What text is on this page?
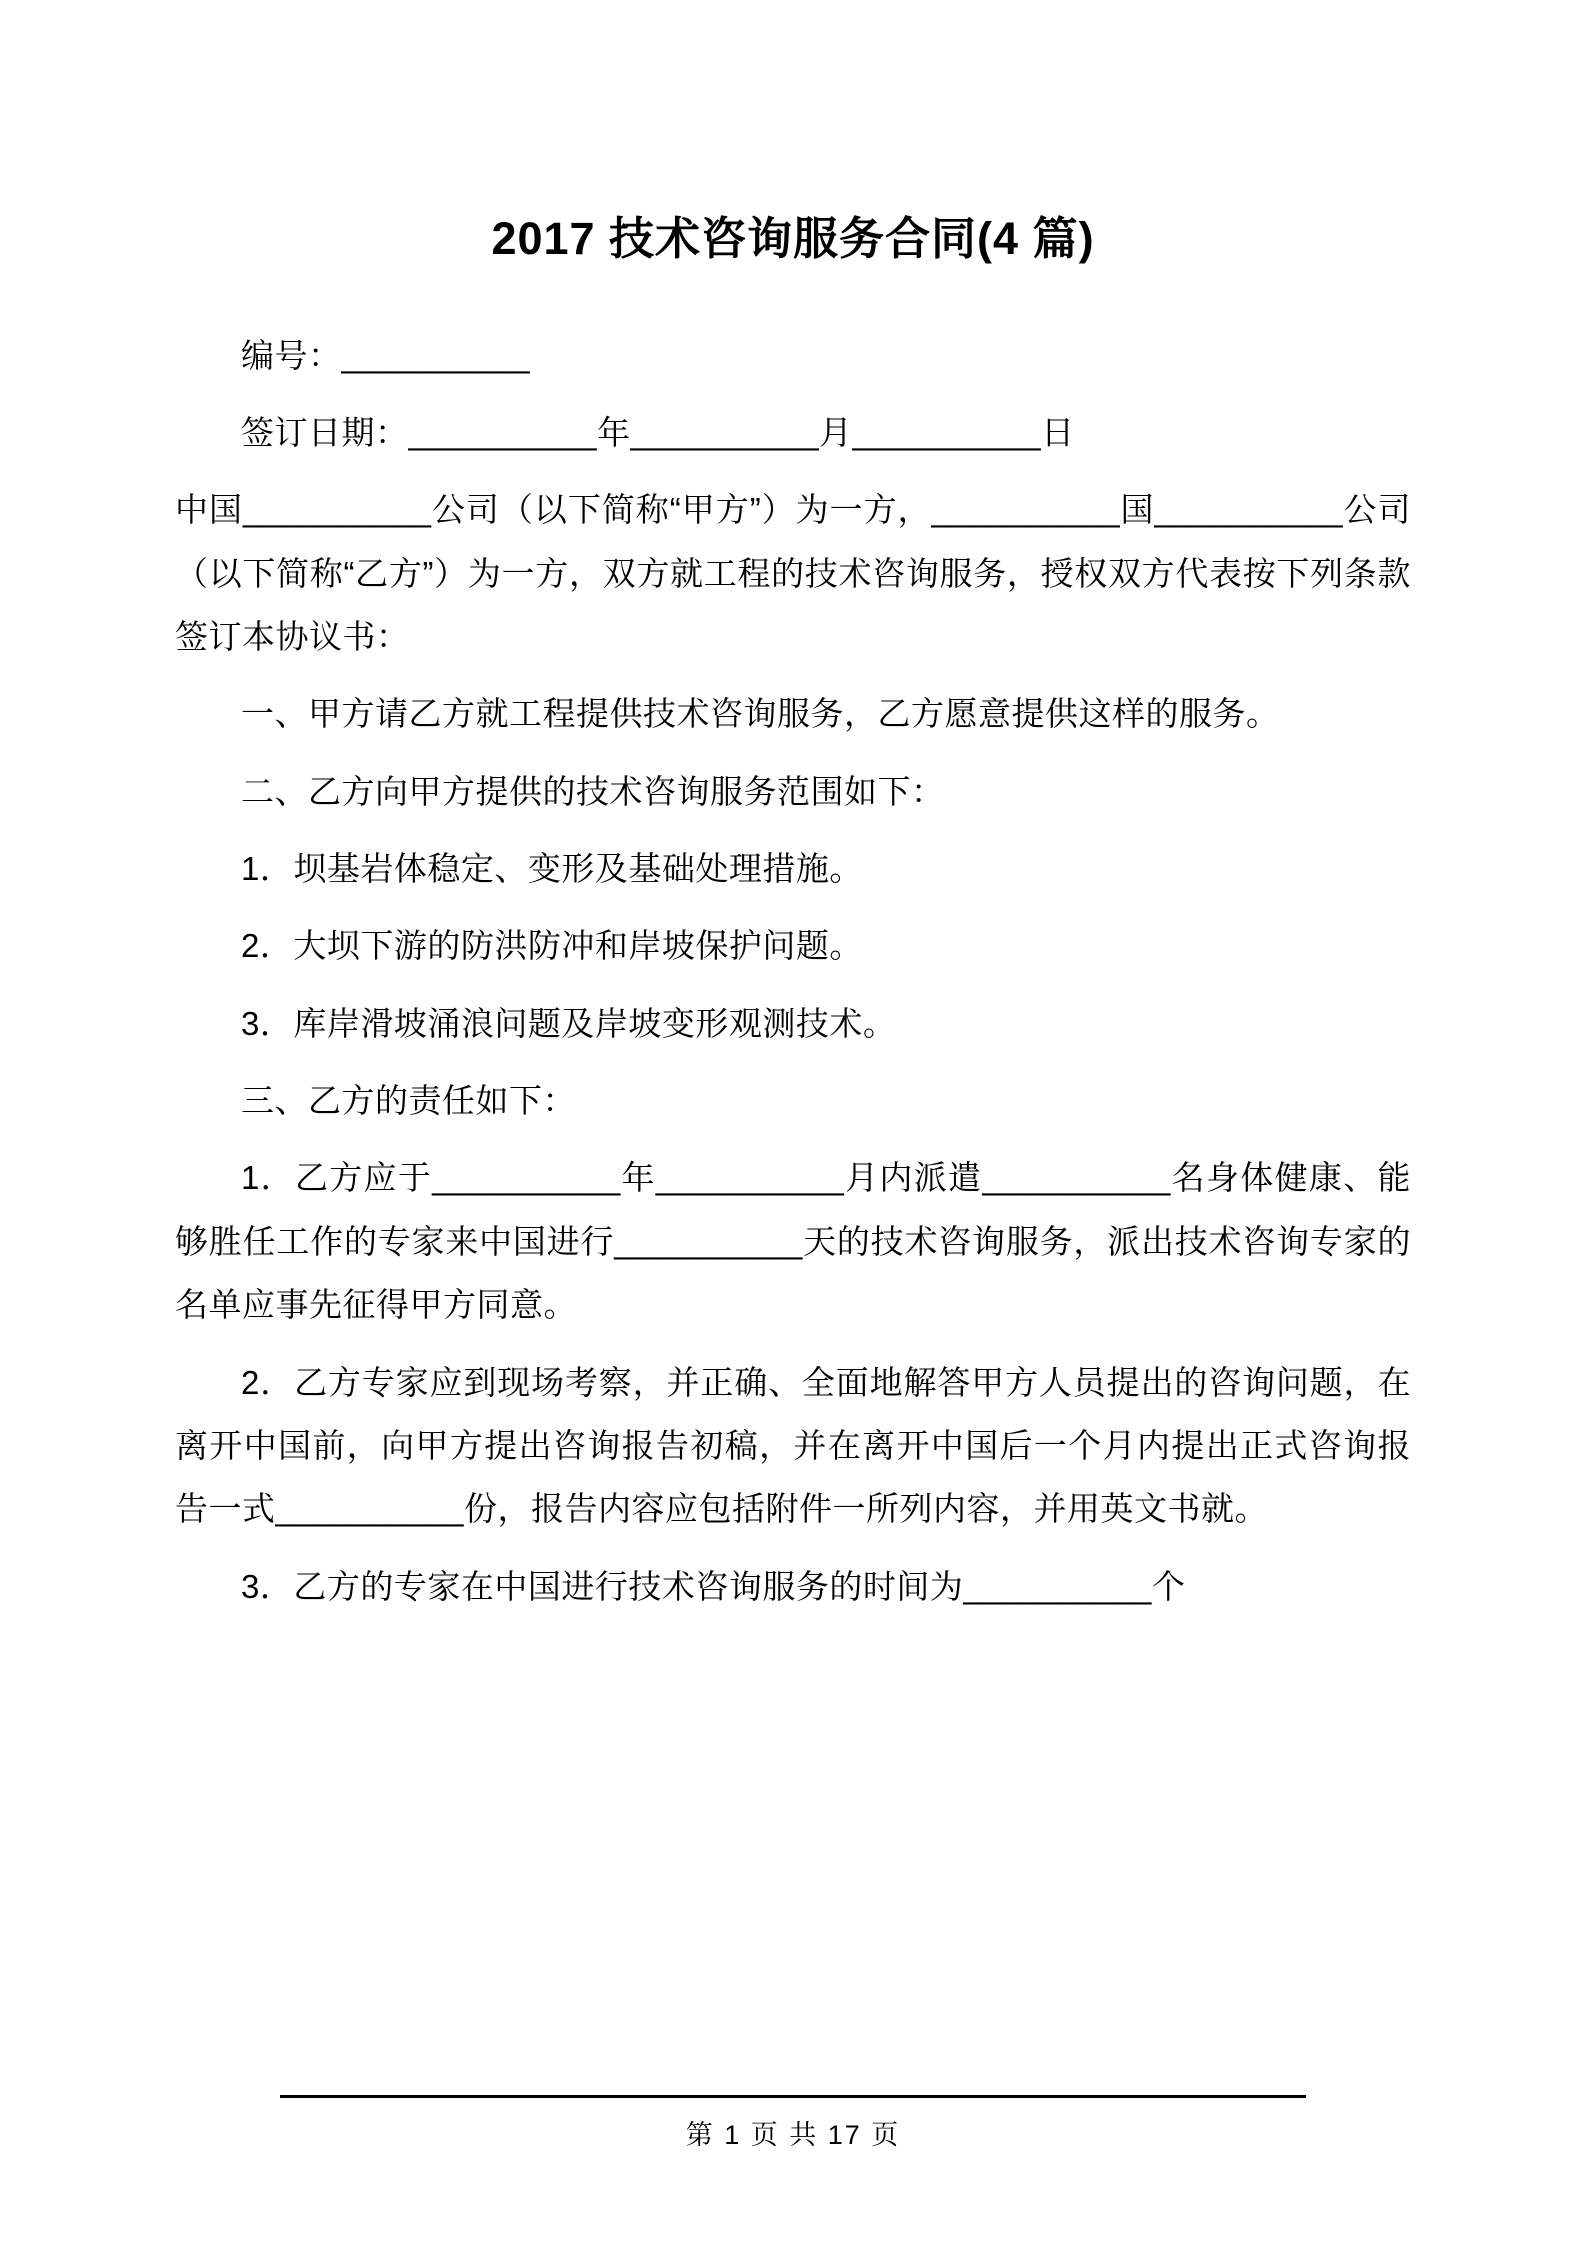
2017 技术咨询服务合同(4 篇)

编号：__________

签订日期：__________年__________月__________日

中国__________公司（以下简称“甲方”）为一方，__________国__________公司（以下简称“乙方”）为一方，双方就工程的技术咨询服务，授权双方代表按下列条款签订本协议书：

一、甲方请乙方就工程提供技术咨询服务，乙方愿意提供这样的服务。

二、乙方向甲方提供的技术咨询服务范围如下：

1．坝基岩体稳定、变形及基础处理措施。

2．大坝下游的防洪防冲和岸坡保护问题。

3．库岸滑坡涌浪问题及岸坡变形观测技术。

三、乙方的责任如下：

1．乙方应于__________年__________月内派遣__________名身体健康、能够胜任工作的专家来中国进行__________天的技术咨询服务，派出技术咨询专家的名单应事先征得甲方同意。

2．乙方专家应到现场考察，并正确、全面地解答甲方人员提出的咨询问题，在离开中国前，向甲方提出咨询报告初稿，并在离开中国后一个月内提出正式咨询报告一式__________份，报告内容应包括附件一所列内容，并用英文书就。

3．乙方的专家在中国进行技术咨询服务的时间为__________个

第 1 页 共 17 页
